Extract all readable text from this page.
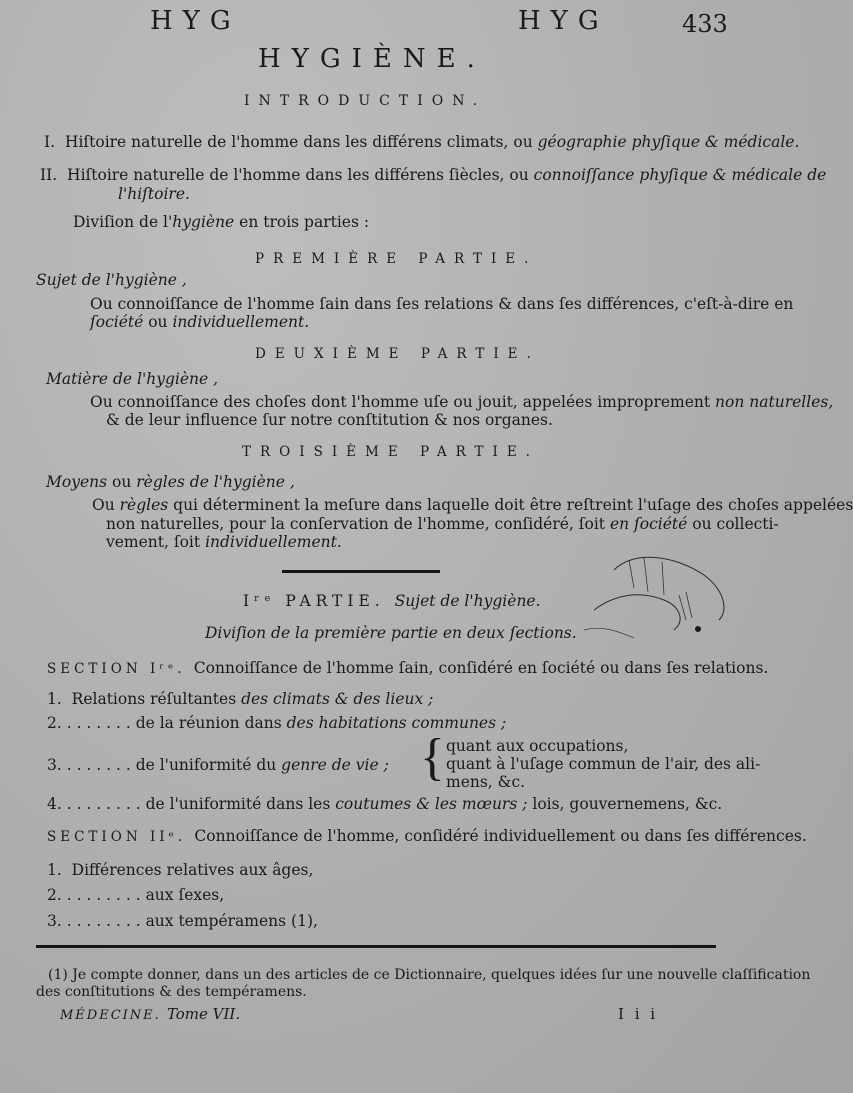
HYG	HYG	433
HYGIÈNE.
INTRODUCTION.
I. Hiſtoire naturelle de l'homme dans les différens climats, ou géographie phyſique & médicale.
II. Hiſtoire naturelle de l'homme dans les différens ſiècles, ou connoiſſance phyſique & médicale de
l'hiſtoire.
Diviſion de l'hygiène en trois parties :
PREMIÈRE PARTIE.
Sujet de l'hygiène ,
Ou connoiſſance de l'homme ſain dans ſes relations & dans ſes différences, c'eſt-à-dire en
ſociété ou individuellement.
DEUXIÈME PARTIE.
Matière de l'hygiène ,
Ou connoiſſance des choſes dont l'homme uſe ou jouit, appelées improprement non naturelles,
& de leur influence ſur notre conſtitution & nos organes.
TROISIÈME PARTIE.
Moyens ou règles de l'hygiène ,
Ou règles qui déterminent la meſure dans laquelle doit être reſtreint l'uſage des choſes appelées
non naturelles, pour la conſervation de l'homme, conſidéré, ſoit en ſociété ou collecti-
vement, ſoit individuellement.
Iʳᵉ PARTIE. Sujet de l'hygiène.
Diviſion de la première partie en deux ſections.
SECTION Iʳᵉ. Connoiſſance de l'homme ſain, conſidéré en ſociété ou dans ſes relations.
1. Relations réſultantes des climats & des lieux ;
2. . . . . . . . de la réunion dans des habitations communes ;
3. . . . . . . . de l'uniformité du genre de vie ; { quant aux occupations,
quant à l'uſage commun de l'air, des ali-
mens, &c.
4. . . . . . . . . de l'uniformité dans les coutumes & les mœurs ; lois, gouvernemens, &c.
SECTION IIᵉ. Connoiſſance de l'homme, conſidéré individuellement ou dans ſes différences.
1. Différences relatives aux âges,
2. . . . . . . . . aux ſexes,
3. . . . . . . . . aux tempéramens (1),
(1) Je compte donner, dans un des articles de ce Dictionnaire, quelques idées ſur une nouvelle claſſification
des conſtitutions & des tempéramens.
MÉDECINE. Tome VII.	I i i
